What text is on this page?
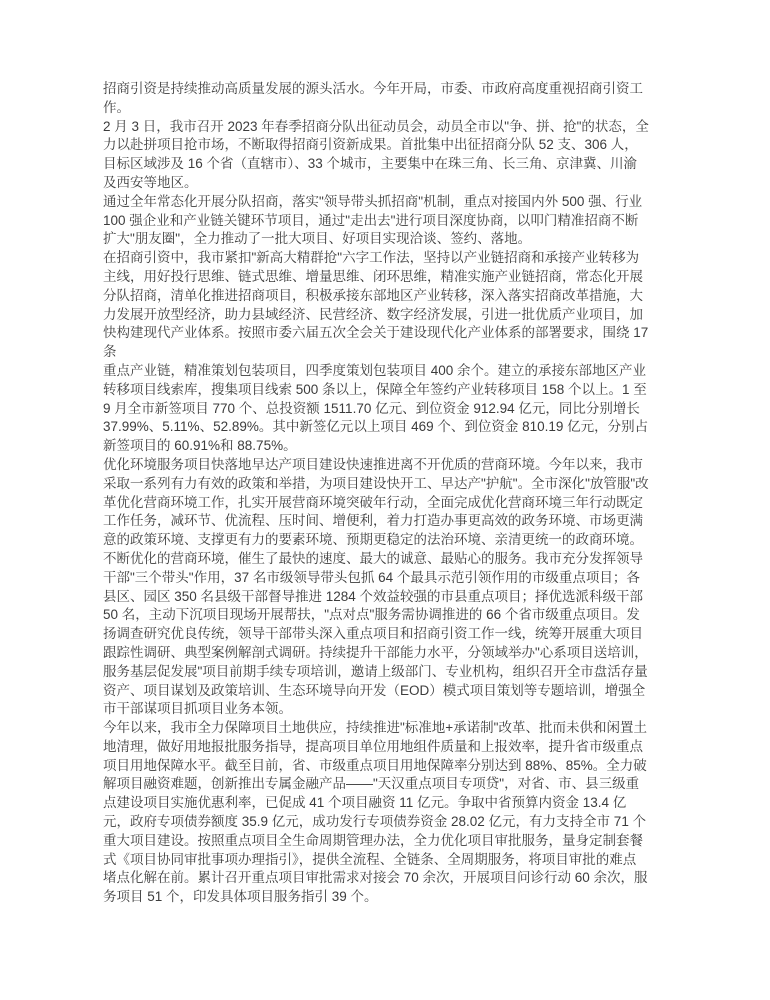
招商引资是持续推动高质量发展的源头活水。今年开局，市委、市政府高度重视招商引资工作。

2 月 3 日，我市召开 2023 年春季招商分队出征动员会，动员全市以"争、拼、抢"的状态，全力以赴拼项目抢市场，不断取得招商引资新成果。首批集中出征招商分队 52 支、306 人，目标区域涉及 16 个省（直辖市）、33 个城市，主要集中在珠三角、长三角、京津冀、川渝及西安等地区。

通过全年常态化开展分队招商，落实"领导带头抓招商"机制，重点对接国内外 500 强、行业 100 强企业和产业链关键环节项目，通过"走出去"进行项目深度协商，以叩门精准招商不断扩大"朋友圈"，全力推动了一批大项目、好项目实现洽谈、签约、落地。

在招商引资中，我市紧扣"新高大精群抢"六字工作法，坚持以产业链招商和承接产业转移为主线，用好投行思维、链式思维、增量思维、闭环思维，精准实施产业链招商，常态化开展分队招商，清单化推进招商项目，积极承接东部地区产业转移，深入落实招商改革措施，大力发展开放型经济，助力县域经济、民营经济、数字经济发展，引进一批优质产业项目，加快构建现代产业体系。按照市委六届五次全会关于建设现代化产业体系的部署要求，围绕 17 条

重点产业链，精准策划包装项目，四季度策划包装项目 400 余个。建立的承接东部地区产业转移项目线索库，搜集项目线索 500 条以上，保障全年签约产业转移项目 158 个以上。1 至 9 月全市新签项目 770 个、总投资额 1511.70 亿元、到位资金 912.94 亿元，同比分别增长 37.99%、5.11%、52.89%。其中新签亿元以上项目 469 个、到位资金 810.19 亿元，分别占新签项目的 60.91%和 88.75%。

优化环境服务项目快落地早达产项目建设快速推进离不开优质的营商环境。今年以来，我市采取一系列有力有效的政策和举措，为项目建设快开工、早达产"护航"。全市深化"放管服"改革优化营商环境工作，扎实开展营商环境突破年行动，全面完成优化营商环境三年行动既定工作任务，减环节、优流程、压时间、增便利，着力打造办事更高效的政务环境、市场更满意的政策环境、支撑更有力的要素环境、预期更稳定的法治环境、亲清更统一的政商环境。不断优化的营商环境，催生了最快的速度、最大的诚意、最贴心的服务。我市充分发挥领导干部"三个带头"作用，37 名市级领导带头包抓 64 个最具示范引领作用的市级重点项目；各县区、园区 350 名县级干部督导推进 1284 个效益较强的市县重点项目；择优选派科级干部 50 名，主动下沉项目现场开展帮扶，"点对点"服务需协调推进的 66 个省市级重点项目。发扬调查研究优良传统，领导干部带头深入重点项目和招商引资工作一线，统筹开展重大项目跟踪性调研、典型案例解剖式调研。持续提升干部能力水平，分领域举办"心系项目送培训，服务基层促发展"项目前期手续专项培训，邀请上级部门、专业机构，组织召开全市盘活存量资产、项目谋划及政策培训、生态环境导向开发（EOD）模式项目策划等专题培训，增强全市干部谋项目抓项目业务本领。

今年以来，我市全力保障项目土地供应，持续推进"标准地+承诺制"改革、批而未供和闲置土地清理，做好用地报批服务指导，提高项目单位用地组件质量和上报效率，提升省市级重点项目用地保障水平。截至目前，省、市级重点项目用地保障率分别达到 88%、85%。全力破解项目融资难题，创新推出专属金融产品——"天汉重点项目专项贷"，对省、市、县三级重点建设项目实施优惠利率，已促成 41 个项目融资 11 亿元。争取中省预算内资金 13.4 亿元，政府专项债券额度 35.9 亿元，成功发行专项债券资金 28.02 亿元，有力支持全市 71 个重大项目建设。按照重点项目全生命周期管理办法，全力优化项目审批服务，量身定制套餐式《项目协同审批事项办理指引》，提供全流程、全链条、全周期服务，将项目审批的难点堵点化解在前。累计召开重点项目审批需求对接会 70 余次，开展项目问诊行动 60 余次，服务项目 51 个，印发具体项目服务指引 39 个。
